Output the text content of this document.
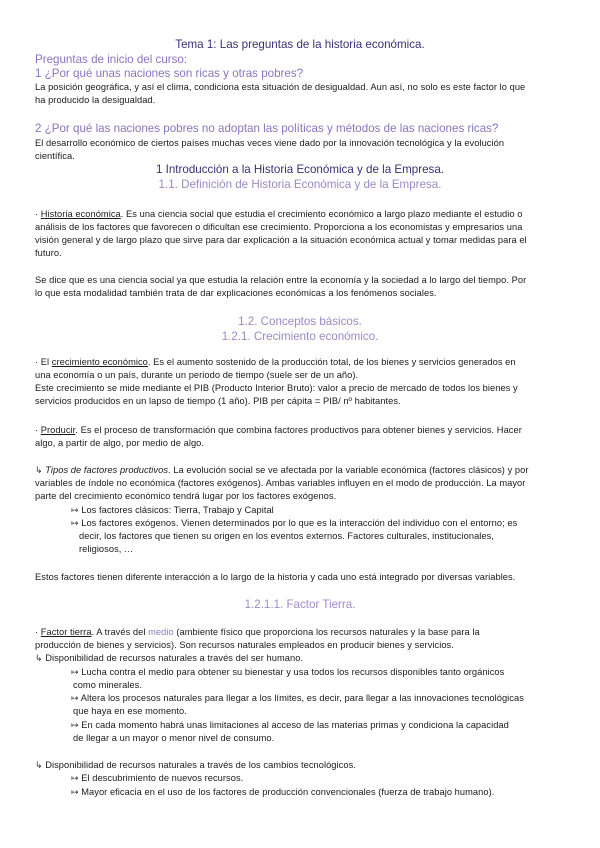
Tema 1: Las preguntas de la historia económica.
Preguntas de inicio del curso:
1 ¿Por qué unas naciones son ricas y otras pobres?
La posición geográfica, y así el clima, condiciona esta situación de desigualdad. Aun así, no solo es este factor lo que
ha producido la desigualdad.
2 ¿Por qué las naciones pobres no adoptan las políticas y métodos de las naciones ricas?
El desarrollo económico de ciertos países muchas veces viene dado por la innovación tecnológica y la evolución
científica.
1 Introducción a la Historia Económica y de la Empresa.
1.1. Definición de Historia Económica y de la Empresa.
· Historia económica. Es una ciencia social que estudia el crecimiento económico a largo plazo mediante el estudio o
análisis de los factores que favorecen o dificultan ese crecimiento. Proporciona a los economistas y empresarios una
visión general y de largo plazo que sirve para dar explicación a la situación económica actual y tomar medidas para el
futuro.
Se dice que es una ciencia social ya que estudia la relación entre la economía y la sociedad a lo largo del tiempo. Por
lo que esta modalidad también trata de dar explicaciones económicas a los fenómenos sociales.
1.2. Conceptos básicos.
1.2.1. Crecimiento económico.
· El crecimiento económico. Es el aumento sostenido de la producción total, de los bienes y servicios generados en
una economía o un país, durante un periodo de tiempo (suele ser de un año).
Este crecimiento se mide mediante el PIB (Producto Interior Bruto): valor a precio de mercado de todos los bienes y
servicios producidos en un lapso de tiempo (1 año). PIB per cápita = PIB/ nº habitantes.
· Producir. Es el proceso de transformación que combina factores productivos para obtener bienes y servicios. Hacer
algo, a partir de algo, por medio de algo.
↳ Tipos de factores productivos. La evolución social se ve afectada por la variable económica (factores clásicos) y por
variables de índole no económica (factores exógenos). Ambas variables influyen en el modo de producción. La mayor
parte del crecimiento económico tendrá lugar por los factores exógenos.
↦ Los factores clásicos: Tierra, Trabajo y Capital
↦ Los factores exógenos. Vienen determinados por lo que es la interacción del individuo con el entorno; es
decir, los factores que tienen su origen en los eventos externos. Factores culturales, institucionales,
religiosos, …
Estos factores tienen diferente interacción a lo largo de la historia y cada uno está integrado por diversas variables.
1.2.1.1. Factor Tierra.
· Factor tierra. A través del medio (ambiente físico que proporciona los recursos naturales y la base para la
producción de bienes y servicios). Son recursos naturales empleados en producir bienes y servicios.
↳ Disponibilidad de recursos naturales a través del ser humano.
↦ Lucha contra el medio para obtener su bienestar y usa todos los recursos disponibles tanto orgánicos
como minerales.
↦ Altera los procesos naturales para llegar a los límites, es decir, para llegar a las innovaciones tecnológicas
que haya en ese momento.
↦ En cada momento habrá unas limitaciones al acceso de las materias primas y condiciona la capacidad
de llegar a un mayor o menor nivel de consumo.
↳ Disponibilidad de recursos naturales a través de los cambios tecnológicos.
↦ El descubrimiento de nuevos recursos.
↦ Mayor eficacia en el uso de los factores de producción convencionales (fuerza de trabajo humano).
